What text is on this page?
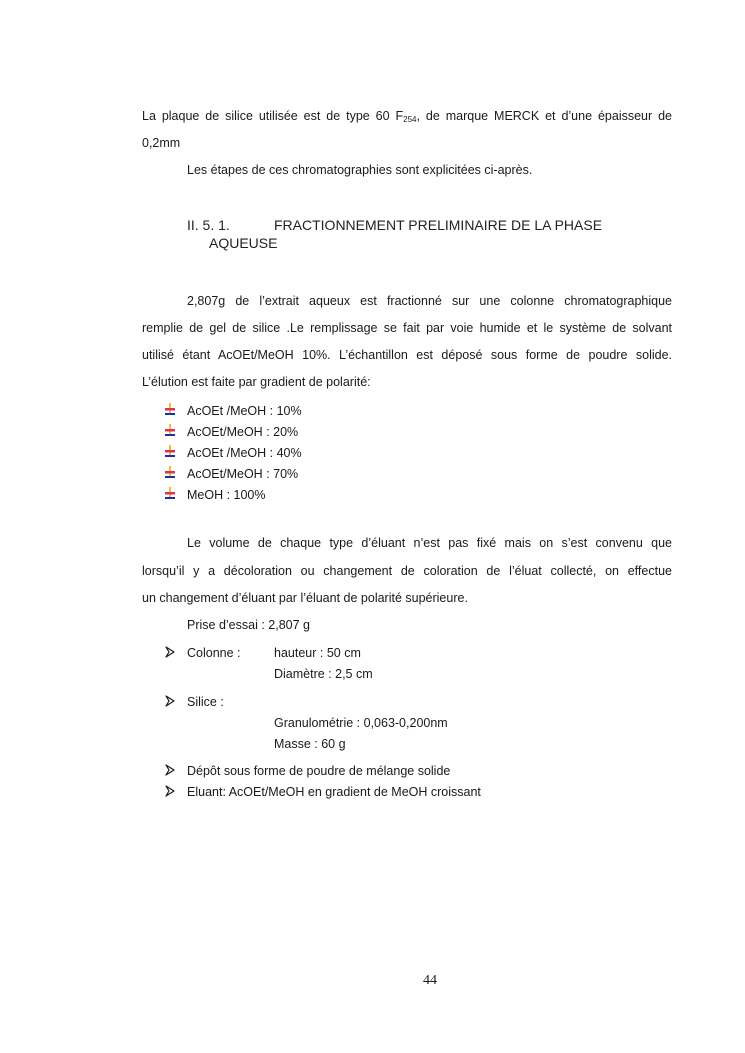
La plaque de silice utilisée est de type 60 $F_{254}$, de marque MERCK et d’une épaisseur de
0,2mm
Les étapes de ces chromatographies sont explicitées ci-après.
II. 5. 1.	FRACTIONNEMENT PRELIMINAIRE DE LA PHASE
AQUEUSE
2,807g de l’extrait aqueux est fractionné sur une colonne chromatographique
remplie de gel de silice .Le remplissage se fait par voie humide et le système de solvant
utilisé étant AcOEt/MeOH 10%. L’échantillon est déposé sous forme de poudre solide.
L’élution est faite par gradient de polarité:
AcOEt /MeOH : 10%
AcOEt/MeOH : 20%
AcOEt /MeOH : 40%
AcOEt/MeOH : 70%
MeOH : 100%
Le volume de chaque type d’éluant n’est pas fixé mais on s’est convenu que
lorsqu’il y a décoloration ou changement de coloration de l’éluat collecté, on effectue
un changement d’éluant par l’éluant de polarité supérieure.
Prise d’essai : 2,807 g
Colonne :	hauteur : 50 cm
Diamètre : 2,5 cm
Silice :
Granulométrie : 0,063-0,200nm
Masse : 60 g
Dépôt sous forme de poudre de mélange solide
Eluant: AcOEt/MeOH en gradient de MeOH croissant
44
